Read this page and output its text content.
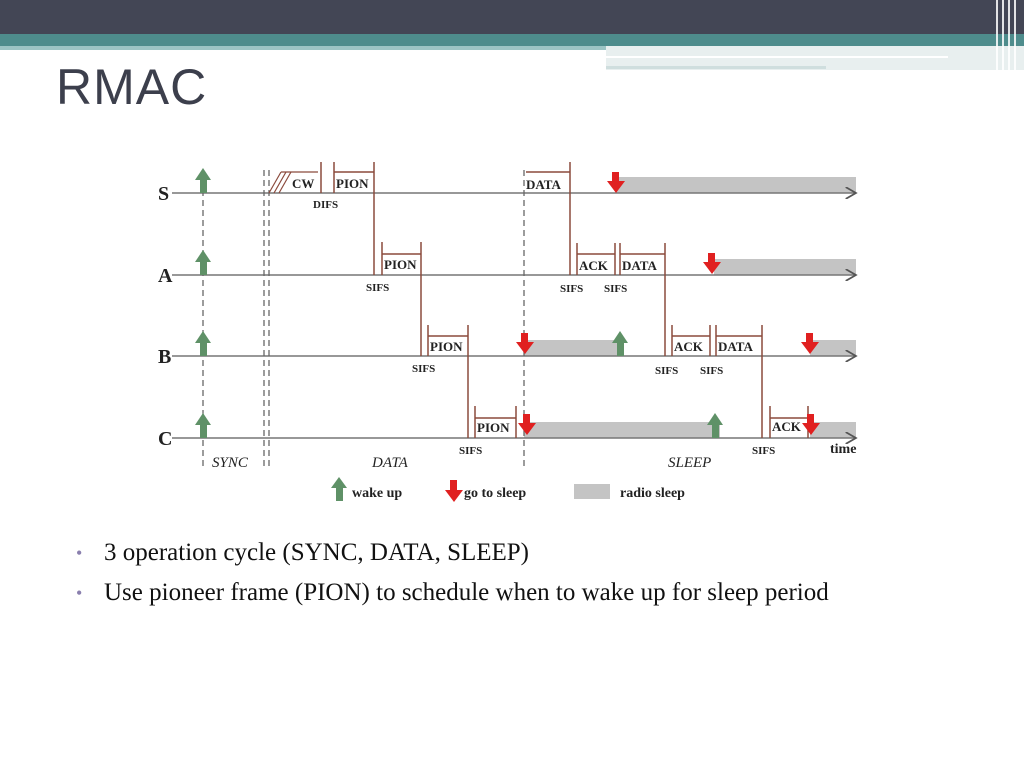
RMAC
S
A
B
C
CW PION
DIFS
PION
SIFS
PION
SIFS
PION
SIFS
DATA
ACK DATA
SIFS SIFS
ACK DATA
SIFS SIFS
ACK
SIFS	time
SYNC	DATA	SLEEP
wake up	go to sleep	radio sleep
• 3 operation cycle (SYNC, DATA, SLEEP)
• Use pioneer frame (PION) to schedule when to wake up for sleep period
